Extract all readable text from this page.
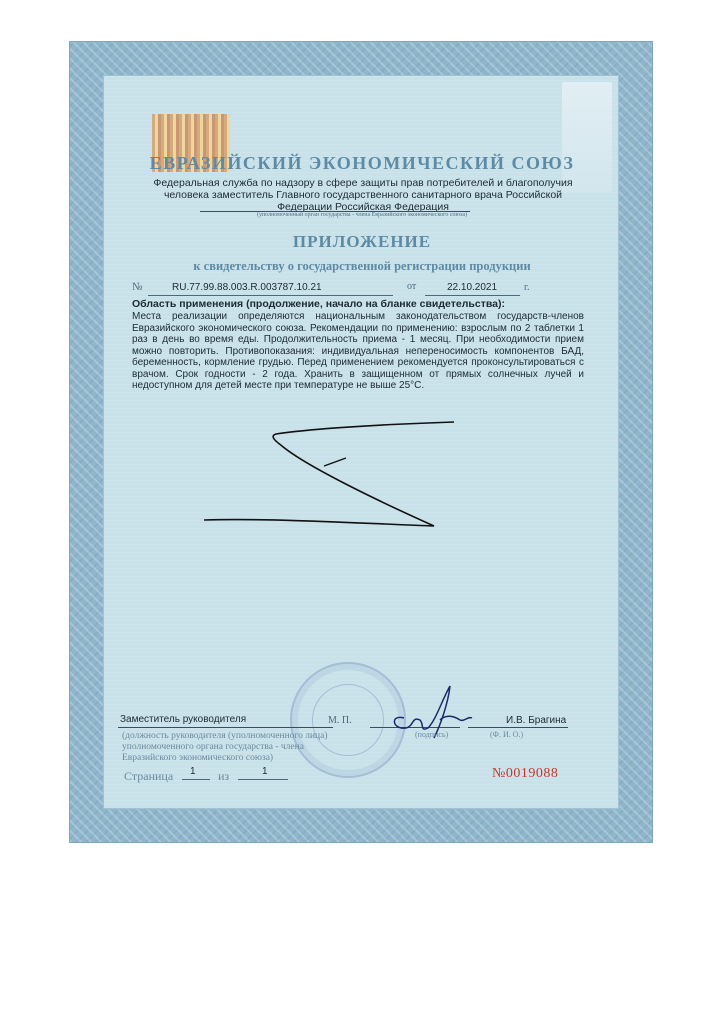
ЕВРАЗИЙСКИЙ ЭКОНОМИЧЕСКИЙ СОЮЗ
Федеральная служба по надзору в сфере защиты прав потребителей и благополучия человека заместитель Главного государственного санитарного врача Российской Федерации Российская Федерация
(уполномоченный орган государства - члена Евразийского экономического союза)
ПРИЛОЖЕНИЕ
к свидетельству о государственной регистрации продукции
№	RU.77.99.88.003.R.003787.10.21	от	22.10.2021	г.
Область применения (продолжение, начало на бланке свидетельства):
Места реализации определяются национальным законодательством государств-членов Евразийского экономического союза. Рекомендации по применению: взрослым по 2 таблетки 1 раз в день во время еды. Продолжительность приема - 1 месяц. При необходимости прием можно повторить. Противопоказания: индивидуальная непереносимость компонентов БАД, беременность, кормление грудью. Перед применением рекомендуется проконсультироваться с врачом. Срок годности - 2 года. Хранить в защищенном от прямых солнечных лучей и недоступном для детей месте при температуре не выше 25°C.
Заместитель руководителя	М. П.	И.В. Брагина
(должность руководителя (уполномоченного лица) уполномоченного органа государства - члена Евразийского экономического союза)
(подпись)	(Ф. И. О.)
Страница 1 из	1	№0019088
